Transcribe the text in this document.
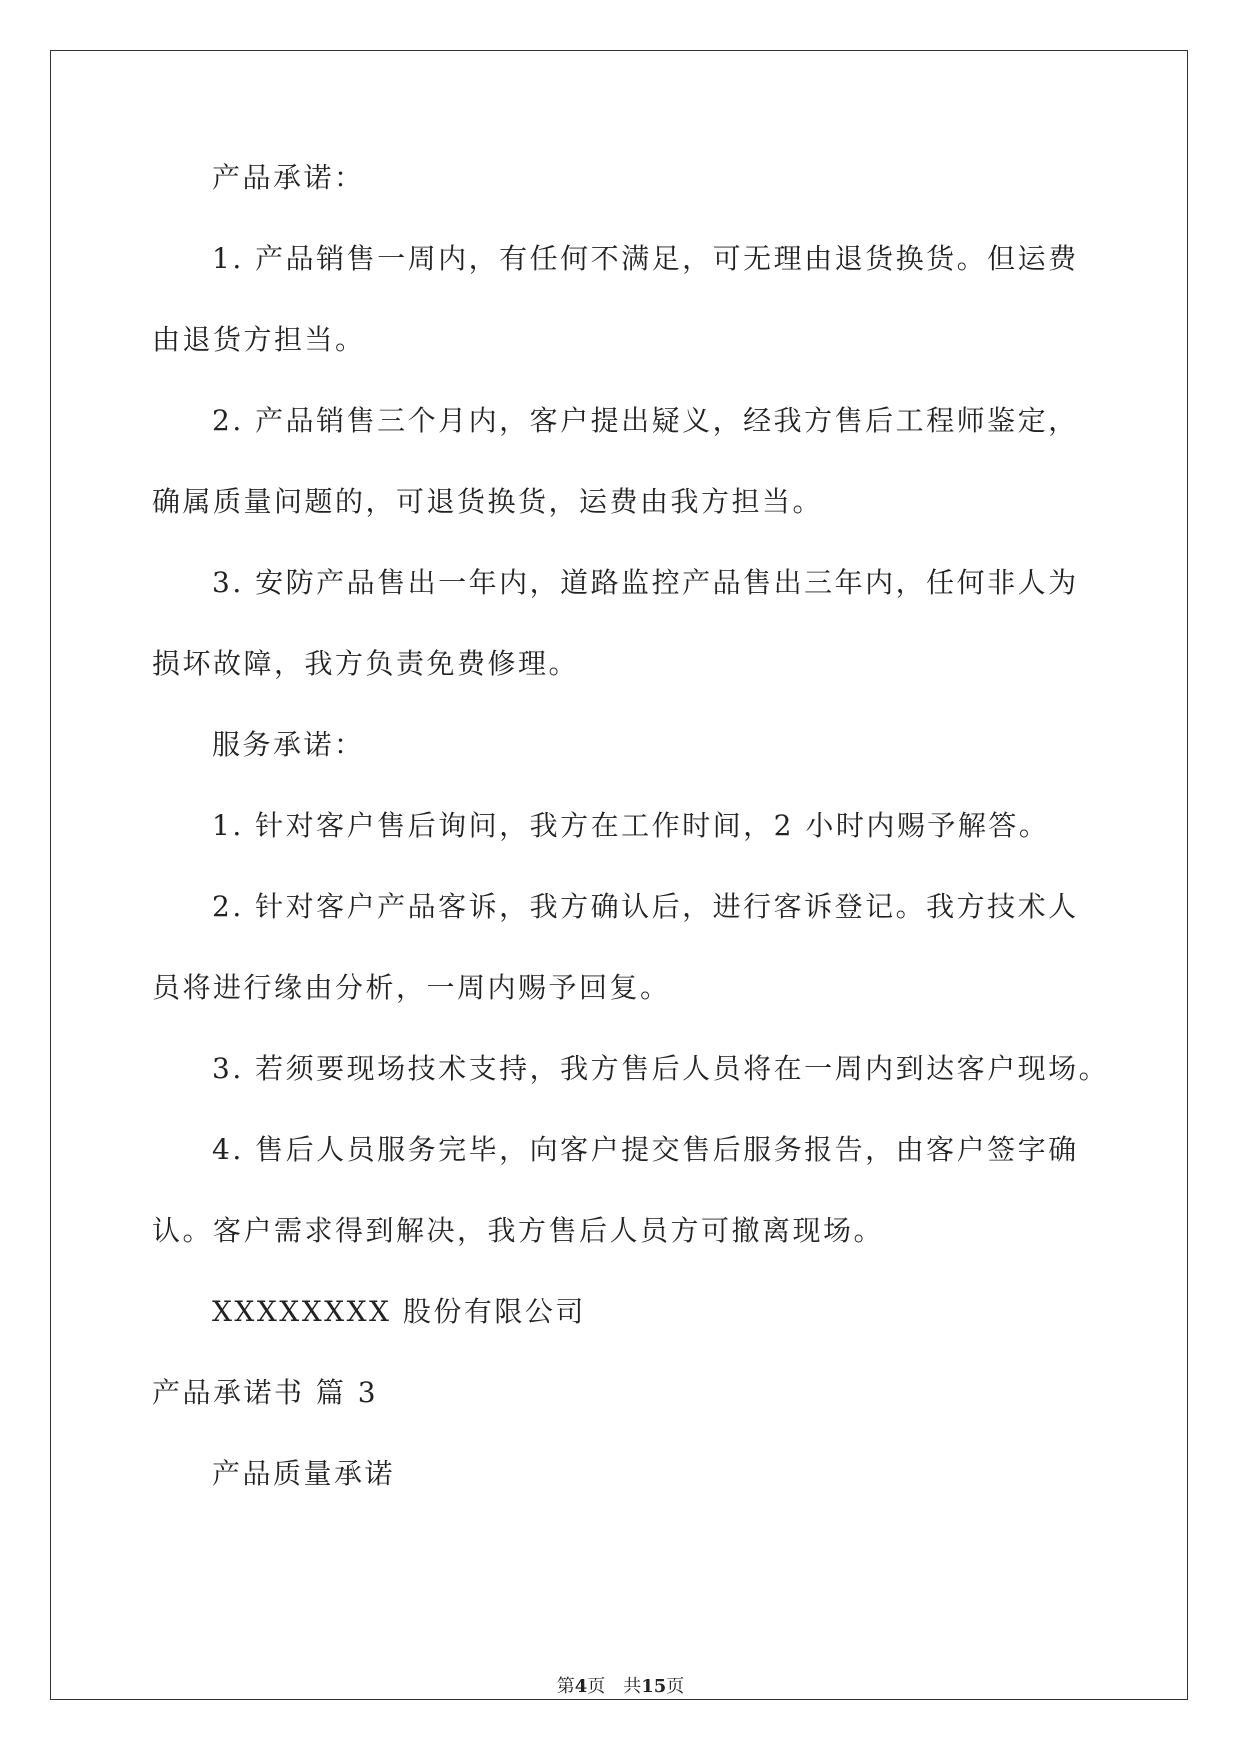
产品承诺：

1. 产品销售一周内，有任何不满足，可无理由退货换货。但运费

由退货方担当。

2. 产品销售三个月内，客户提出疑义，经我方售后工程师鉴定，

确属质量问题的，可退货换货，运费由我方担当。

3. 安防产品售出一年内，道路监控产品售出三年内，任何非人为

损坏故障，我方负责免费修理。

服务承诺：

1. 针对客户售后询问，我方在工作时间，2 小时内赐予解答。

2. 针对客户产品客诉，我方确认后，进行客诉登记。我方技术人

员将进行缘由分析，一周内赐予回复。

3. 若须要现场技术支持，我方售后人员将在一周内到达客户现场。

4. 售后人员服务完毕，向客户提交售后服务报告，由客户签字确

认。客户需求得到解决，我方售后人员方可撤离现场。

XXXXXXXX 股份有限公司

产品承诺书 篇 3

产品质量承诺

第4页　共15页
